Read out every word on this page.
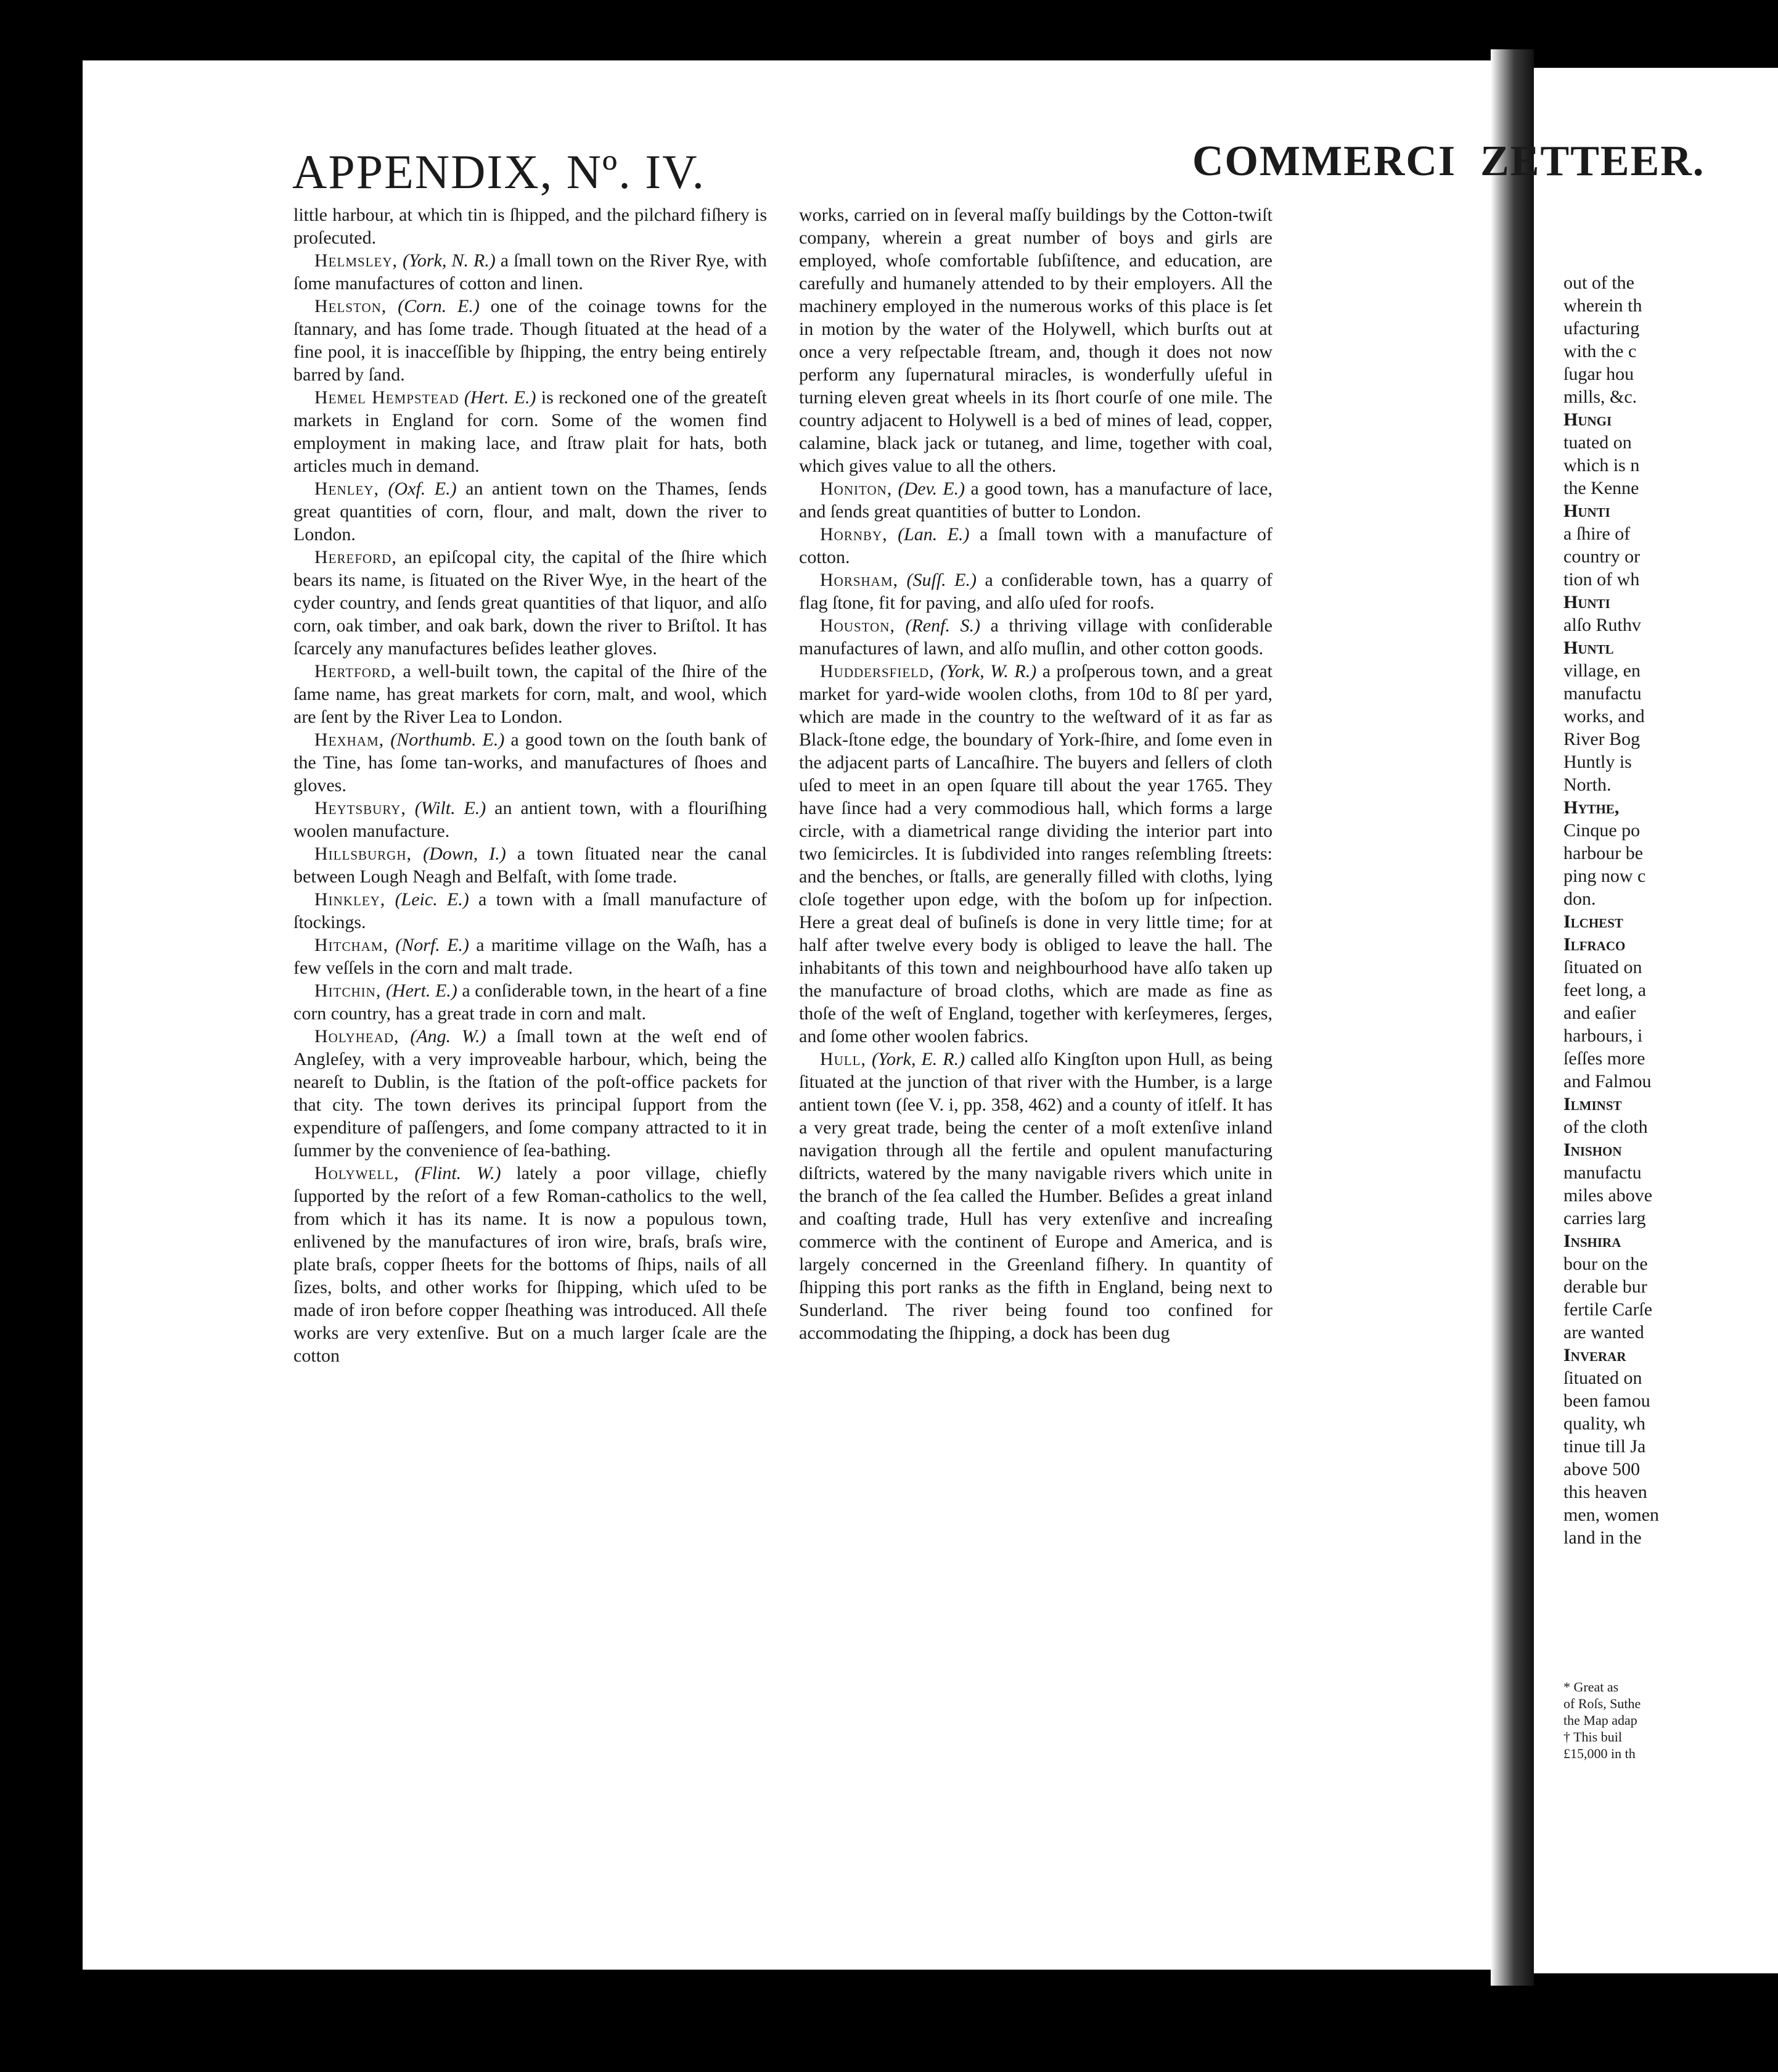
out of the
wherein th
ufacturing
with the c
ſugar hou
mills, &c.
Hungi
tuated on
which is n
the Kenne
Hunti
a ſhire of
country or
tion of wh
Hunti
alſo Ruthv
Huntl
village, en
manufactu
works, and
River Bog
Huntly is
North.
Hythe,
Cinque po
harbour be
ping now c
don.
Ilchest
Ilfraco
ſituated on
feet long, a
and eaſier
harbours, i
ſeſſes more
and Falmou
Ilminst
of the cloth
Inishon
manufactu
miles above
carries larg
Inshira
bour on the
derable bur
fertile Carſe
are wanted
Inverar
ſituated on
been famou
quality, wh
tinue till Ja
above 500
this heaven
men, women
land in the
* Great as
of Roſs, Suthe
the Map adap
† This buil
£15,000 in th
APPENDIX, Nº. IV.	COMMERCI  ZETTEER.

little harbour, at which tin is ſhipped, and the pilchard fiſhery is proſecuted.

Helmsley, (York, N. R.) a ſmall town on the River Rye, with ſome manufactures of cotton and linen.

Helston, (Corn. E.) one of the coinage towns for the ſtannary, and has ſome trade. Though ſituated at the head of a fine pool, it is inacceſſible by ſhipping, the entry being entirely barred by ſand.

Hemel Hempstead (Hert. E.) is reckoned one of the greateſt markets in England for corn. Some of the women find employment in making lace, and ſtraw plait for hats, both articles much in demand.

Henley, (Oxf. E.) an antient town on the Thames, ſends great quantities of corn, flour, and malt, down the river to London.

Hereford, an epiſcopal city, the capital of the ſhire which bears its name, is ſituated on the River Wye, in the heart of the cyder country, and ſends great quantities of that liquor, and alſo corn, oak timber, and oak bark, down the river to Briſtol. It has ſcarcely any manufactures beſides leather gloves.

Hertford, a well-built town, the capital of the ſhire of the ſame name, has great markets for corn, malt, and wool, which are ſent by the River Lea to London.

Hexham, (Northumb. E.) a good town on the ſouth bank of the Tine, has ſome tan-works, and manufactures of ſhoes and gloves.

Heytsbury, (Wilt. E.) an antient town, with a flouriſhing woolen manufacture.

Hillsburgh, (Down, I.) a town ſituated near the canal between Lough Neagh and Belfaſt, with ſome trade.

Hinkley, (Leic. E.) a town with a ſmall manufacture of ſtockings.

Hitcham, (Norf. E.) a maritime village on the Waſh, has a few veſſels in the corn and malt trade.

Hitchin, (Hert. E.) a conſiderable town, in the heart of a fine corn country, has a great trade in corn and malt.

Holyhead, (Ang. W.) a ſmall town at the weſt end of Angleſey, with a very improveable harbour, which, being the neareſt to Dublin, is the ſtation of the poſt-office packets for that city. The town derives its principal ſupport from the expenditure of paſſengers, and ſome company attracted to it in ſummer by the convenience of ſea-bathing.

Holywell, (Flint. W.) lately a poor village, chiefly ſupported by the reſort of a few Roman-catholics to the well, from which it has its name. It is now a populous town, enlivened by the manufactures of iron wire, braſs, braſs wire, plate braſs, copper ſheets for the bottoms of ſhips, nails of all ſizes, bolts, and other works for ſhipping, which uſed to be made of iron before copper ſheathing was introduced. All theſe works are very extenſive. But on a much larger ſcale are the cotton

works, carried on in ſeveral maſſy buildings by the Cotton-twiſt company, wherein a great number of boys and girls are employed, whoſe comfortable ſubſiſtence, and education, are carefully and humanely attended to by their employers. All the machinery employed in the numerous works of this place is ſet in motion by the water of the Holywell, which burſts out at once a very reſpectable ſtream, and, though it does not now perform any ſupernatural miracles, is wonderfully uſeful in turning eleven great wheels in its ſhort courſe of one mile. The country adjacent to Holywell is a bed of mines of lead, copper, calamine, black jack or tutaneg, and lime, together with coal, which gives value to all the others.

Honiton, (Dev. E.) a good town, has a manufacture of lace, and ſends great quantities of butter to London.

Hornby, (Lan. E.) a ſmall town with a manufacture of cotton.

Horsham, (Suſſ. E.) a conſiderable town, has a quarry of flag ſtone, fit for paving, and alſo uſed for roofs.

Houston, (Renf. S.) a thriving village with conſiderable manufactures of lawn, and alſo muſlin, and other cotton goods.

Huddersfield, (York, W. R.) a proſperous town, and a great market for yard-wide woolen cloths, from 10d to 8ſ per yard, which are made in the country to the weſtward of it as far as Black-ſtone edge, the boundary of York-ſhire, and ſome even in the adjacent parts of Lancaſhire. The buyers and ſellers of cloth uſed to meet in an open ſquare till about the year 1765. They have ſince had a very commodious hall, which forms a large circle, with a diametrical range dividing the interior part into two ſemicircles. It is ſubdivided into ranges reſembling ſtreets: and the benches, or ſtalls, are generally filled with cloths, lying cloſe together upon edge, with the boſom up for inſpection. Here a great deal of buſineſs is done in very little time; for at half after twelve every body is obliged to leave the hall. The inhabitants of this town and neighbourhood have alſo taken up the manufacture of broad cloths, which are made as fine as thoſe of the weſt of England, together with kerſeymeres, ſerges, and ſome other woolen fabrics.

Hull, (York, E. R.) called alſo Kingſton upon Hull, as being ſituated at the junction of that river with the Humber, is a large antient town (ſee V. i, pp. 358, 462) and a county of itſelf. It has a very great trade, being the center of a moſt extenſive inland navigation through all the fertile and opulent manufacturing diſtricts, watered by the many navigable rivers which unite in the branch of the ſea called the Humber. Beſides a great inland and coaſting trade, Hull has very extenſive and increaſing commerce with the continent of Europe and America, and is largely concerned in the Greenland fiſhery. In quantity of ſhipping this port ranks as the fifth in England, being next to Sunderland. The river being found too confined for accommodating the ſhipping, a dock has been dug
